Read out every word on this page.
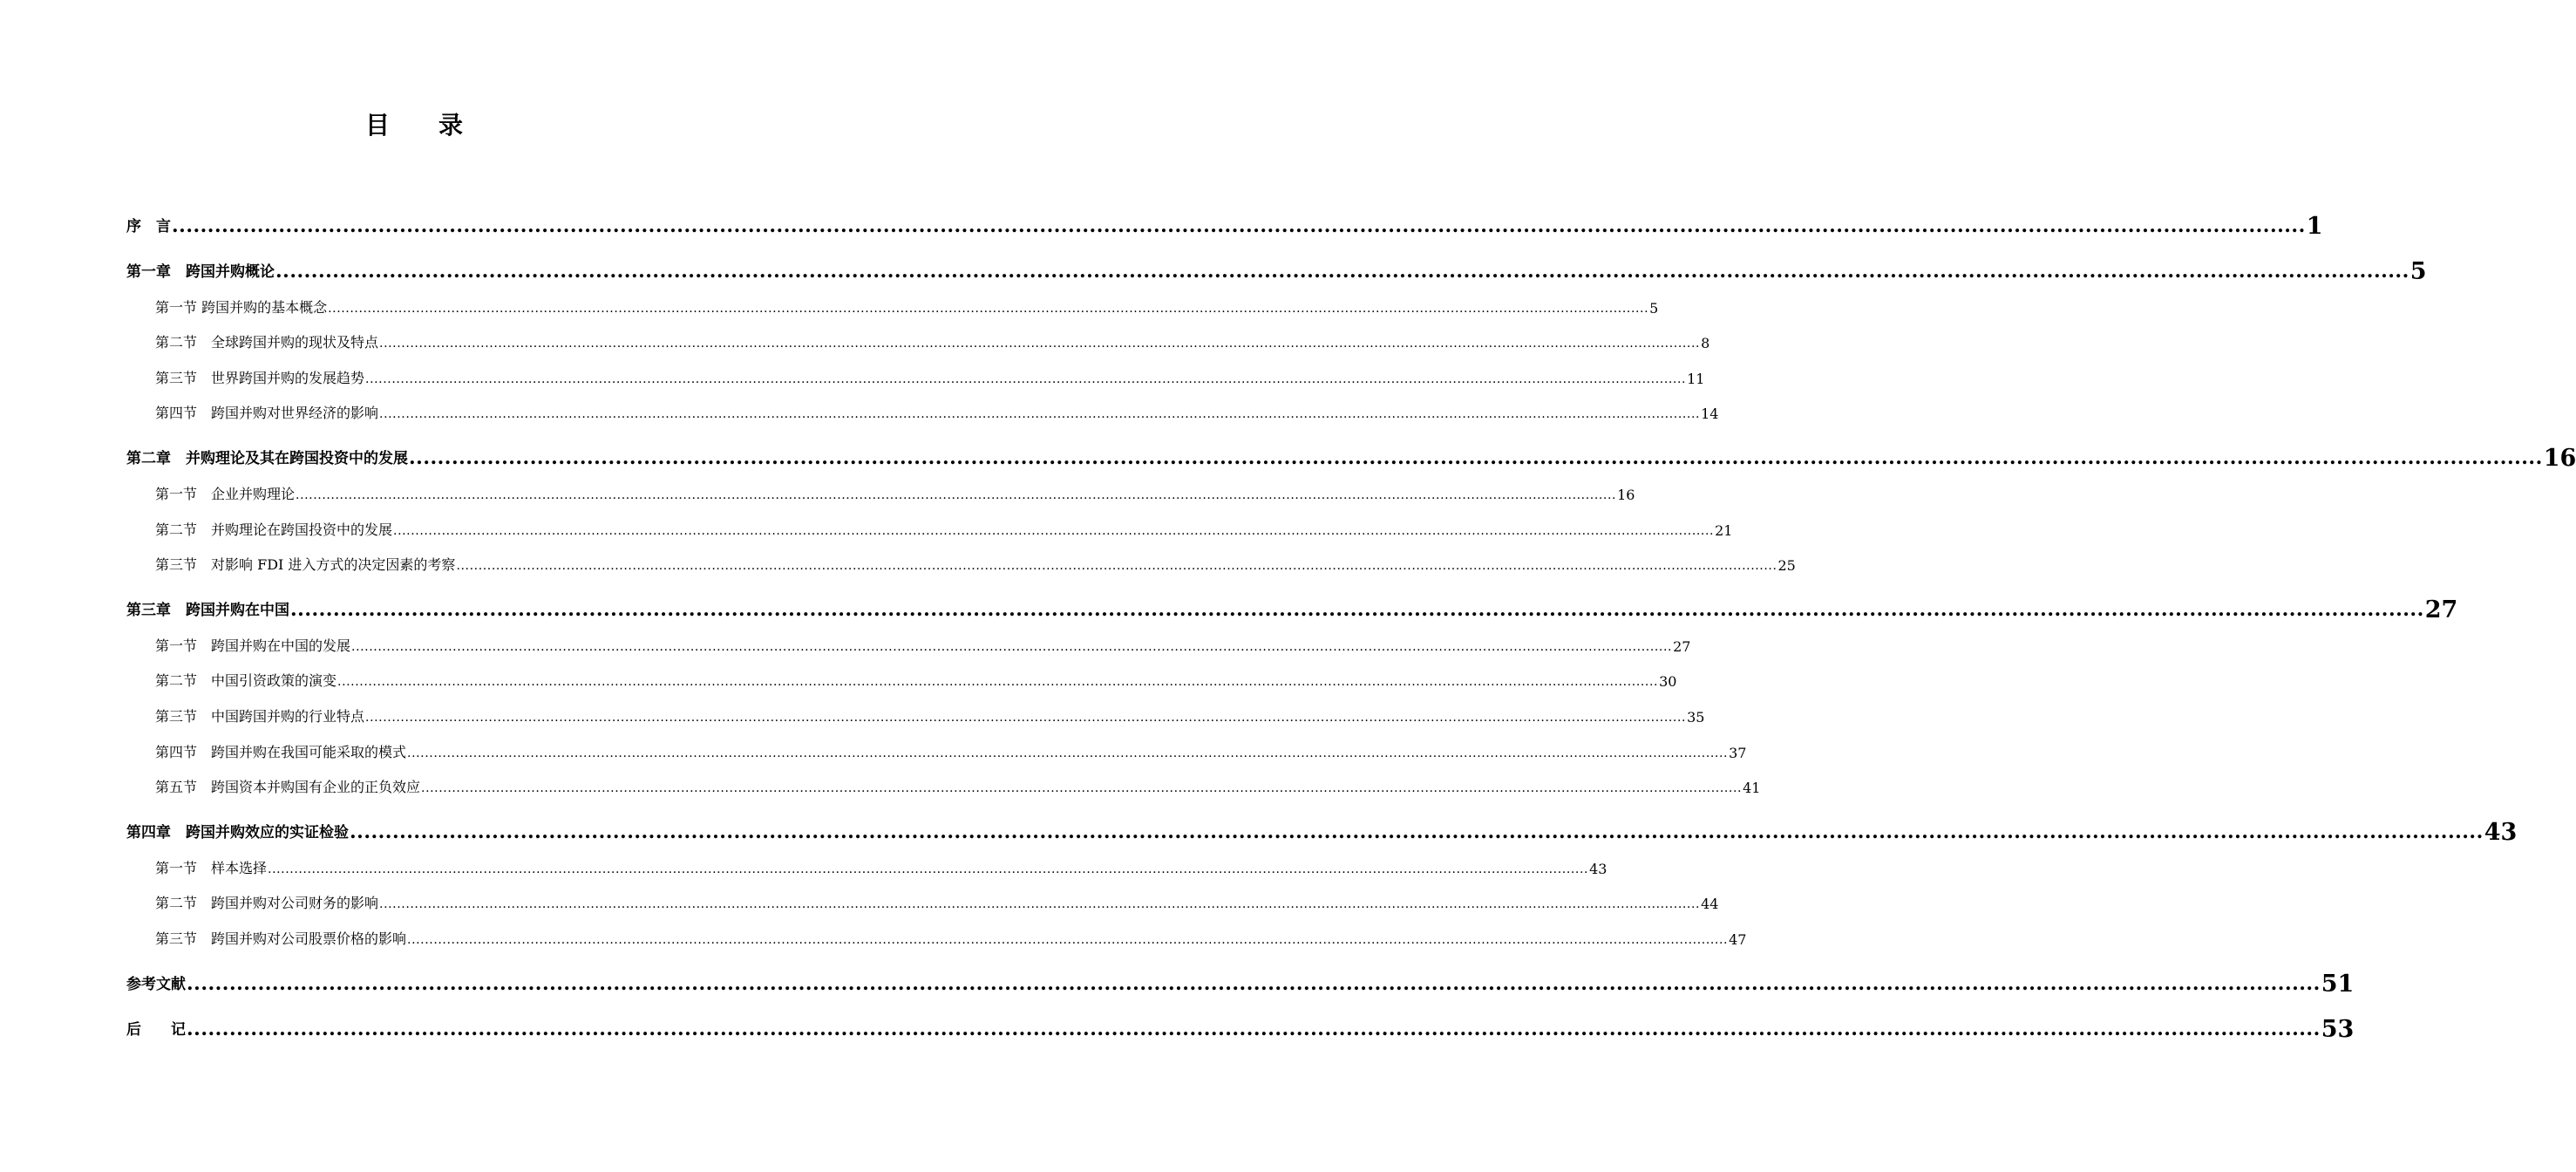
目 录
序　言 ............................................................................................................................................................................................................................................................................................................ 1
第一章　跨国并购概论 ............................................................................................................................................................................................................................................................................................................ 5
第一节 跨国并购的基本概念 ............................................................................................................................................................................................................................................................................................................ 5
第二节　全球跨国并购的现状及特点 ............................................................................................................................................................................................................................................................................................................ 8
第三节　世界跨国并购的发展趋势 ............................................................................................................................................................................................................................................................................................................ 11
第四节　跨国并购对世界经济的影响 ............................................................................................................................................................................................................................................................................................................ 14
第二章　并购理论及其在跨国投资中的发展 ............................................................................................................................................................................................................................................................................................................ 16
第一节　企业并购理论 ............................................................................................................................................................................................................................................................................................................ 16
第二节　并购理论在跨国投资中的发展 ............................................................................................................................................................................................................................................................................................................ 21
第三节　对影响 FDI 进入方式的决定因素的考察 ............................................................................................................................................................................................................................................................................................................ 25
第三章　跨国并购在中国 ............................................................................................................................................................................................................................................................................................................ 27
第一节　跨国并购在中国的发展 ............................................................................................................................................................................................................................................................................................................ 27
第二节　中国引资政策的演变 ............................................................................................................................................................................................................................................................................................................ 30
第三节　中国跨国并购的行业特点 ............................................................................................................................................................................................................................................................................................................ 35
第四节　跨国并购在我国可能采取的模式 ............................................................................................................................................................................................................................................................................................................ 37
第五节　跨国资本并购国有企业的正负效应 ............................................................................................................................................................................................................................................................................................................ 41
第四章　跨国并购效应的实证检验 ............................................................................................................................................................................................................................................................................................................ 43
第一节　样本选择 ............................................................................................................................................................................................................................................................................................................ 43
第二节　跨国并购对公司财务的影响 ............................................................................................................................................................................................................................................................................................................ 44
第三节　跨国并购对公司股票价格的影响 ............................................................................................................................................................................................................................................................................................................ 47
参考文献 ............................................................................................................................................................................................................................................................................................................ 51
后　　记 ............................................................................................................................................................................................................................................................................................................ 53
